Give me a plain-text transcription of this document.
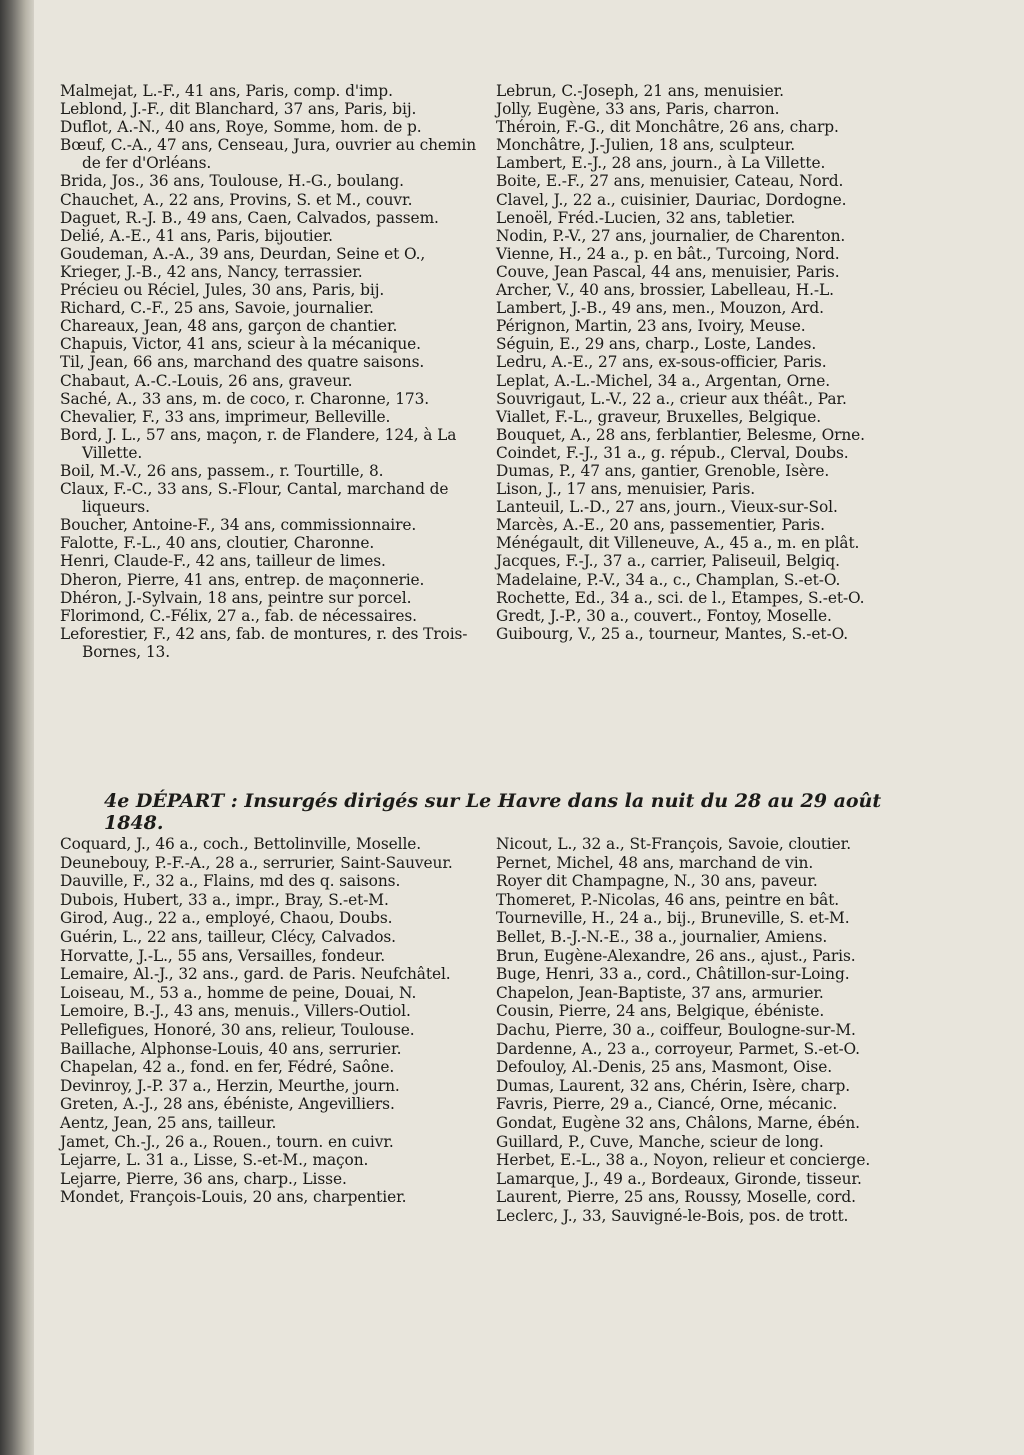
Malmejat, L.-F., 41 ans, Paris, comp. d'imp.
Leblond, J.-F., dit Blanchard, 37 ans, Paris, bij.
Duflot, A.-N., 40 ans, Roye, Somme, hom. de p.
Bœuf, C.-A., 47 ans, Censeau, Jura, ouvrier au chemin de fer d'Orléans.
Brida, Jos., 36 ans, Toulouse, H.-G., boulang.
Chauchet, A., 22 ans, Provins, S. et M., couvr.
Daguet, R.-J. B., 49 ans, Caen, Calvados, passem.
Delié, A.-E., 41 ans, Paris, bijoutier.
Goudeman, A.-A., 39 ans, Deurdan, Seine et O.,
Krieger, J.-B., 42 ans, Nancy, terrassier.
Précieu ou Réciel, Jules, 30 ans, Paris, bij.
Richard, C.-F., 25 ans, Savoie, journalier.
Chareaux, Jean, 48 ans, garçon de chantier.
Chapuis, Victor, 41 ans, scieur à la mécanique.
Til, Jean, 66 ans, marchand des quatre saisons.
Chabaut, A.-C.-Louis, 26 ans, graveur.
Saché, A., 33 ans, m. de coco, r. Charonne, 173.
Chevalier, F., 33 ans, imprimeur, Belleville.
Bord, J. L., 57 ans, maçon, r. de Flandere, 124, à La Villette.
Boil, M.-V., 26 ans, passem., r. Tourtille, 8.
Claux, F.-C., 33 ans, S.-Flour, Cantal, marchand de liqueurs.
Boucher, Antoine-F., 34 ans, commissionnaire.
Falotte, F.-L., 40 ans, cloutier, Charonne.
Henri, Claude-F., 42 ans, tailleur de limes.
Dheron, Pierre, 41 ans, entrep. de maçonnerie.
Dhéron, J.-Sylvain, 18 ans, peintre sur porcel.
Florimond, C.-Félix, 27 a., fab. de nécessaires.
Leforestier, F., 42 ans, fab. de montures, r. des Trois-Bornes, 13.
Lebrun, C.-Joseph, 21 ans, menuisier.
Jolly, Eugène, 33 ans, Paris, charron.
Théroin, F.-G., dit Monchâtre, 26 ans, charp.
Monchâtre, J.-Julien, 18 ans, sculpteur.
Lambert, E.-J., 28 ans, journ., à La Villette.
Boite, E.-F., 27 ans, menuisier, Cateau, Nord.
Clavel, J., 22 a., cuisinier, Dauriac, Dordogne.
Lenoël, Fréd.-Lucien, 32 ans, tabletier.
Nodin, P.-V., 27 ans, journalier, de Charenton.
Vienne, H., 24 a., p. en bât., Turcoing, Nord.
Couve, Jean Pascal, 44 ans, menuisier, Paris.
Archer, V., 40 ans, brossier, Labelleau, H.-L.
Lambert, J.-B., 49 ans, men., Mouzon, Ard.
Pérignon, Martin, 23 ans, Ivoiry, Meuse.
Séguin, E., 29 ans, charp., Loste, Landes.
Ledru, A.-E., 27 ans, ex-sous-officier, Paris.
Leplat, A.-L.-Michel, 34 a., Argentan, Orne.
Souvrigaut, L.-V., 22 a., crieur aux théât., Par.
Viallet, F.-L., graveur, Bruxelles, Belgique.
Bouquet, A., 28 ans, ferblantier, Belesme, Orne.
Coindet, F.-J., 31 a., g. répub., Clerval, Doubs.
Dumas, P., 47 ans, gantier, Grenoble, Isère.
Lison, J., 17 ans, menuisier, Paris.
Lanteuil, L.-D., 27 ans, journ., Vieux-sur-Sol.
Marcès, A.-E., 20 ans, passementier, Paris.
Ménégault, dit Villeneuve, A., 45 a., m. en plât.
Jacques, F.-J., 37 a., carrier, Paliseuil, Belgiq.
Madelaine, P.-V., 34 a., c., Champlan, S.-et-O.
Rochette, Ed., 34 a., sci. de l., Etampes, S.-et-O.
Gredt, J.-P., 30 a., couvert., Fontoy, Moselle.
Guibourg, V., 25 a., tourneur, Mantes, S.-et-O.
4e DÉPART : Insurgés dirigés sur Le Havre dans la nuit du 28 au 29 août 1848.
Coquard, J., 46 a., coch., Bettolinville, Moselle.
Deunebouy, P.-F.-A., 28 a., serrurier, Saint-Sauveur.
Dauville, F., 32 a., Flains, md des q. saisons.
Dubois, Hubert, 33 a., impr., Bray, S.-et-M.
Girod, Aug., 22 a., employé, Chaou, Doubs.
Guérin, L., 22 ans, tailleur, Clécy, Calvados.
Horvatte, J.-L., 55 ans, Versailles, fondeur.
Lemaire, Al.-J., 32 ans., gard. de Paris. Neufchâtel.
Loiseau, M., 53 a., homme de peine, Douai, N.
Lemoire, B.-J., 43 ans, menuis., Villers-Outiol.
Pellefigues, Honoré, 30 ans, relieur, Toulouse.
Baillache, Alphonse-Louis, 40 ans, serrurier.
Chapelan, 42 a., fond. en fer, Fédré, Saône.
Devinroy, J.-P. 37 a., Herzin, Meurthe, journ.
Greten, A.-J., 28 ans, ébéniste, Angevilliers.
Aentz, Jean, 25 ans, tailleur.
Jamet, Ch.-J., 26 a., Rouen., tourn. en cuivr.
Lejarre, L. 31 a., Lisse, S.-et-M., maçon.
Lejarre, Pierre, 36 ans, charp., Lisse.
Mondet, François-Louis, 20 ans, charpentier.
Nicout, L., 32 a., St-François, Savoie, cloutier.
Pernet, Michel, 48 ans, marchand de vin.
Royer dit Champagne, N., 30 ans, paveur.
Thomeret, P.-Nicolas, 46 ans, peintre en bât.
Tourneville, H., 24 a., bij., Bruneville, S. et-M.
Bellet, B.-J.-N.-E., 38 a., journalier, Amiens.
Brun, Eugène-Alexandre, 26 ans., ajust., Paris.
Buge, Henri, 33 a., cord., Châtillon-sur-Loing.
Chapelon, Jean-Baptiste, 37 ans, armurier.
Cousin, Pierre, 24 ans, Belgique, ébéniste.
Dachu, Pierre, 30 a., coiffeur, Boulogne-sur-M.
Dardenne, A., 23 a., corroyeur, Parmet, S.-et-O.
Defouloy, Al.-Denis, 25 ans, Masmont, Oise.
Dumas, Laurent, 32 ans, Chérin, Isère, charp.
Favris, Pierre, 29 a., Ciancé, Orne, mécanic.
Gondat, Eugène 32 ans, Châlons, Marne, ébén.
Guillard, P., Cuve, Manche, scieur de long.
Herbet, E.-L., 38 a., Noyon, relieur et concierge.
Lamarque, J., 49 a., Bordeaux, Gironde, tisseur.
Laurent, Pierre, 25 ans, Roussy, Moselle, cord.
Leclerc, J., 33, Sauvigné-le-Bois, pos. de trott.
